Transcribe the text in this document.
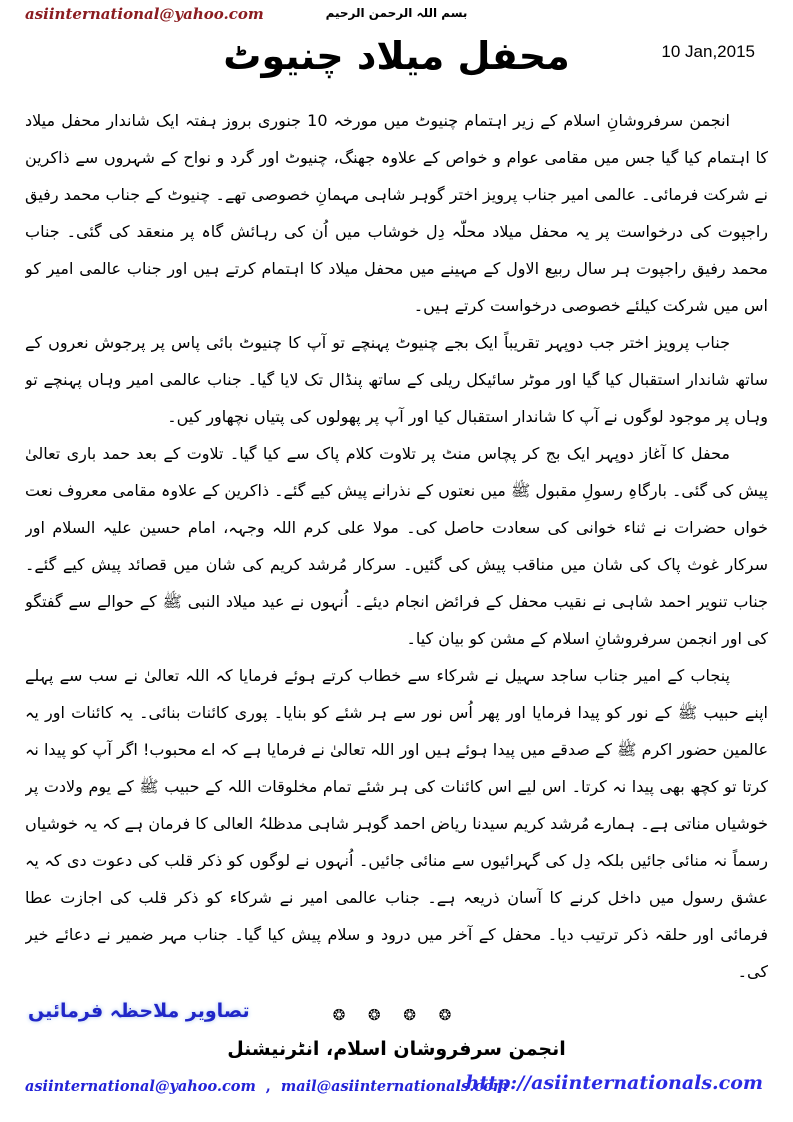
asiinternational@yahoo.com	بسم اللہ الرحمن الرحیم
10 Jan,2015
محفل میلاد چنیوٹ

انجمن سرفروشانِ اسلام کے زیر اہتمام چنیوٹ میں مورخہ 10 جنوری بروز ہفتہ ایک شاندار محفل میلاد کا اہتمام کیا گیا جس میں مقامی عوام و خواص کے علاوہ جھنگ، چنیوٹ اور گرد و نواح کے شہروں سے ذاکرین نے شرکت فرمائی۔ عالمی امیر جناب پرویز اختر گوہر شاہی مہمانِ خصوصی تھے۔ چنیوٹ کے جناب محمد رفیق راجپوت کی درخواست پر یہ محفل میلاد محلّہ دِل خوشاب میں اُن کی رہائش گاہ پر منعقد کی گئی۔ جناب محمد رفیق راجپوت ہر سال ربیع الاول کے مہینے میں محفل میلاد کا اہتمام کرتے ہیں اور جناب عالمی امیر کو اس میں شرکت کیلئے خصوصی درخواست کرتے ہیں۔

جناب پرویز اختر جب دوپہر تقریباً ایک بجے چنیوٹ پہنچے تو آپ کا چنیوٹ بائی پاس پر پرجوش نعروں کے ساتھ شاندار استقبال کیا گیا اور موٹر سائیکل ریلی کے ساتھ پنڈال تک لایا گیا۔ جناب عالمی امیر وہاں پہنچے تو وہاں پر موجود لوگوں نے آپ کا شاندار استقبال کیا اور آپ پر پھولوں کی پتیاں نچھاور کیں۔

محفل کا آغاز دوپہر ایک بج کر پچاس منٹ پر تلاوت کلام پاک سے کیا گیا۔ تلاوت کے بعد حمد باری تعالیٰ پیش کی گئی۔ بارگاہِ رسولِ مقبول ﷺ میں نعتوں کے نذرانے پیش کیے گئے۔ ذاکرین کے علاوہ مقامی معروف نعت خواں حضرات نے ثناء خوانی کی سعادت حاصل کی۔ مولا علی کرم اللہ وجہہ، امام حسین علیہ السلام اور سرکار غوث پاک کی شان میں مناقب پیش کی گئیں۔ سرکار مُرشد کریم کی شان میں قصائد پیش کیے گئے۔ جناب تنویر احمد شاہی نے نقیب محفل کے فرائض انجام دیئے۔ اُنہوں نے عید میلاد النبی ﷺ کے حوالے سے گفتگو کی اور انجمن سرفروشانِ اسلام کے مشن کو بیان کیا۔

پنجاب کے امیر جناب ساجد سہیل نے شرکاء سے خطاب کرتے ہوئے فرمایا کہ اللہ تعالیٰ نے سب سے پہلے اپنے حبیب ﷺ کے نور کو پیدا فرمایا اور پھر اُس نور سے ہر شئے کو بنایا۔ پوری کائنات بنائی۔ یہ کائنات اور یہ عالمین حضور اکرم ﷺ کے صدقے میں پیدا ہوئے ہیں اور اللہ تعالیٰ نے فرمایا ہے کہ اے محبوب! اگر آپ کو پیدا نہ کرتا تو کچھ بھی پیدا نہ کرتا۔ اس لیے اس کائنات کی ہر شئے تمام مخلوقات اللہ کے حبیب ﷺ کے یوم ولادت پر خوشیاں مناتی ہے۔ ہمارے مُرشد کریم سیدنا ریاض احمد گوہر شاہی مدظلہُ العالی کا فرمان ہے کہ یہ خوشیاں رسماً نہ منائی جائیں بلکہ دِل کی گہرائیوں سے منائی جائیں۔ اُنہوں نے لوگوں کو ذکر قلب کی دعوت دی کہ یہ عشق رسول میں داخل کرنے کا آسان ذریعہ ہے۔ جناب عالمی امیر نے شرکاء کو ذکر قلب کی اجازت عطا فرمائی اور حلقہ ذکر ترتیب دیا۔ محفل کے آخر میں درود و سلام پیش کیا گیا۔ جناب مہر ضمیر نے دعائے خیر کی۔

تصاویر ملاحظہ فرمائیں	❂ ❂ ❂ ❂
انجمن سرفروشان اسلام، انٹرنیشنل
asiinternational@yahoo.com , mail@asiinternationals.com
http://asiinternationals.com
